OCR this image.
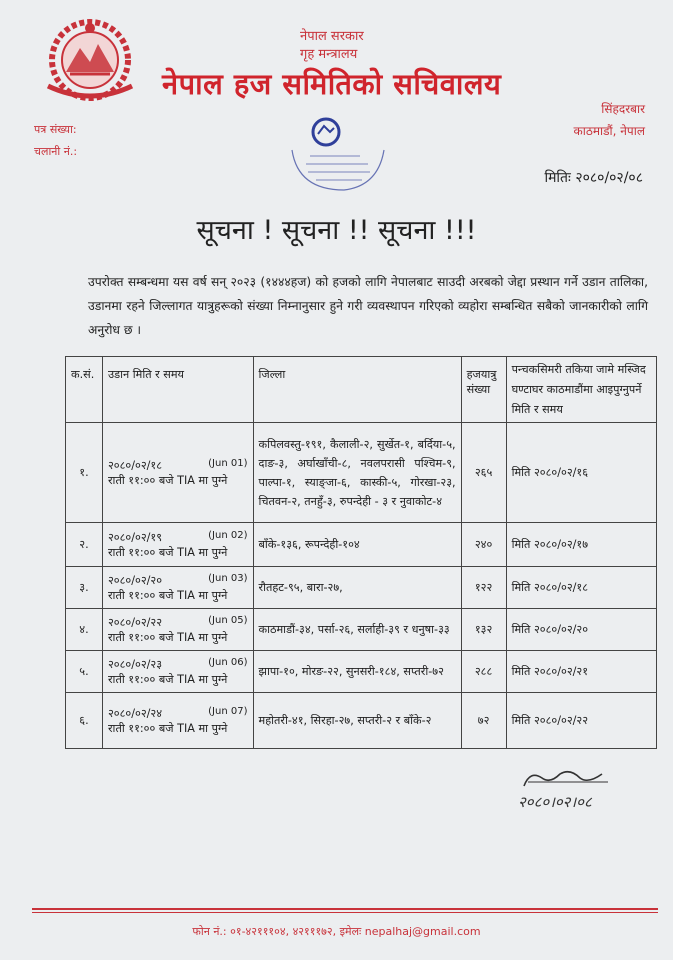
नेपाल सरकार
गृह मन्त्रालय
नेपाल हज समितिको सचिवालय
सिंहदरबार
काठमाडौं, नेपाल
पत्र संख्या:
चलानी नं.:
मितिः २०८०/०२/०८
सूचना ! सूचना !! सूचना !!!
उपरोक्त सम्बन्धमा यस वर्ष सन् २०२३ (१४४४हज) को हजको लागि नेपालबाट साउदी अरबको जेद्दा प्रस्थान गर्ने उडान तालिका, उडानमा रहने जिल्लागत यात्रुहरूको संख्या निम्नानुसार हुने गरी व्यवस्थापन गरिएको व्यहोरा सम्बन्धित सबैको जानकारीको लागि अनुरोध छ ।
क.सं.	उडान मिति र समय	जिल्ला	हजयात्रु संख्या	पन्चकसिमरी तकिया जामे मस्जिद घण्टाघर काठमाडौंमा आइपुग्नुपर्ने मिति र समय
१.	२०८०/०२/१८ (Jun 01)
राती ११:०० बजे TIA मा पुग्ने	कपिलवस्तु-१९१, कैलाली-२, सुर्खेत-१, बर्दिया-५, दाङ-३, अर्घाखाँची-८, नवलपरासी पश्चिम-९, पाल्पा-१, स्याङ्जा-६, कास्की-५, गोरखा-२३, चितवन-२, तनहुँ-३, रुपन्देही - ३ र नुवाकोट-४	२६५	मिति २०८०/०२/१६
२.	२०८०/०२/१९ (Jun 02)
राती ११:०० बजे TIA मा पुग्ने	बाँके-१३६, रूपन्देही-१०४	२४०	मिति २०८०/०२/१७
३.	२०८०/०२/२० (Jun 03)
राती ११:०० बजे TIA मा पुग्ने	रौतहट-९५, बारा-२७,	१२२	मिति २०८०/०२/१८
४.	२०८०/०२/२२ (Jun 05)
राती ११:०० बजे TIA मा पुग्ने	काठमाडौं-३४, पर्सा-२६, सर्लाही-३९ र धनुषा-३३	१३२	मिति २०८०/०२/२०
५.	२०८०/०२/२३ (Jun 06)
राती ११:०० बजे TIA मा पुग्ने	झापा-१०, मोरङ-२२, सुनसरी-१८४, सप्तरी-७२	२८८	मिति २०८०/०२/२१
६.	२०८०/०२/२४ (Jun 07)
राती ११:०० बजे TIA मा पुग्ने	महोतरी-४१, सिरहा-२७, सप्तरी-२ र बाँके-२	७२	मिति २०८०/०२/२२
२०८०।०२।०८
फोन नं.: ०१-४२१११०४, ४२१११७२, इमेलः nepalhaj@gmail.com
